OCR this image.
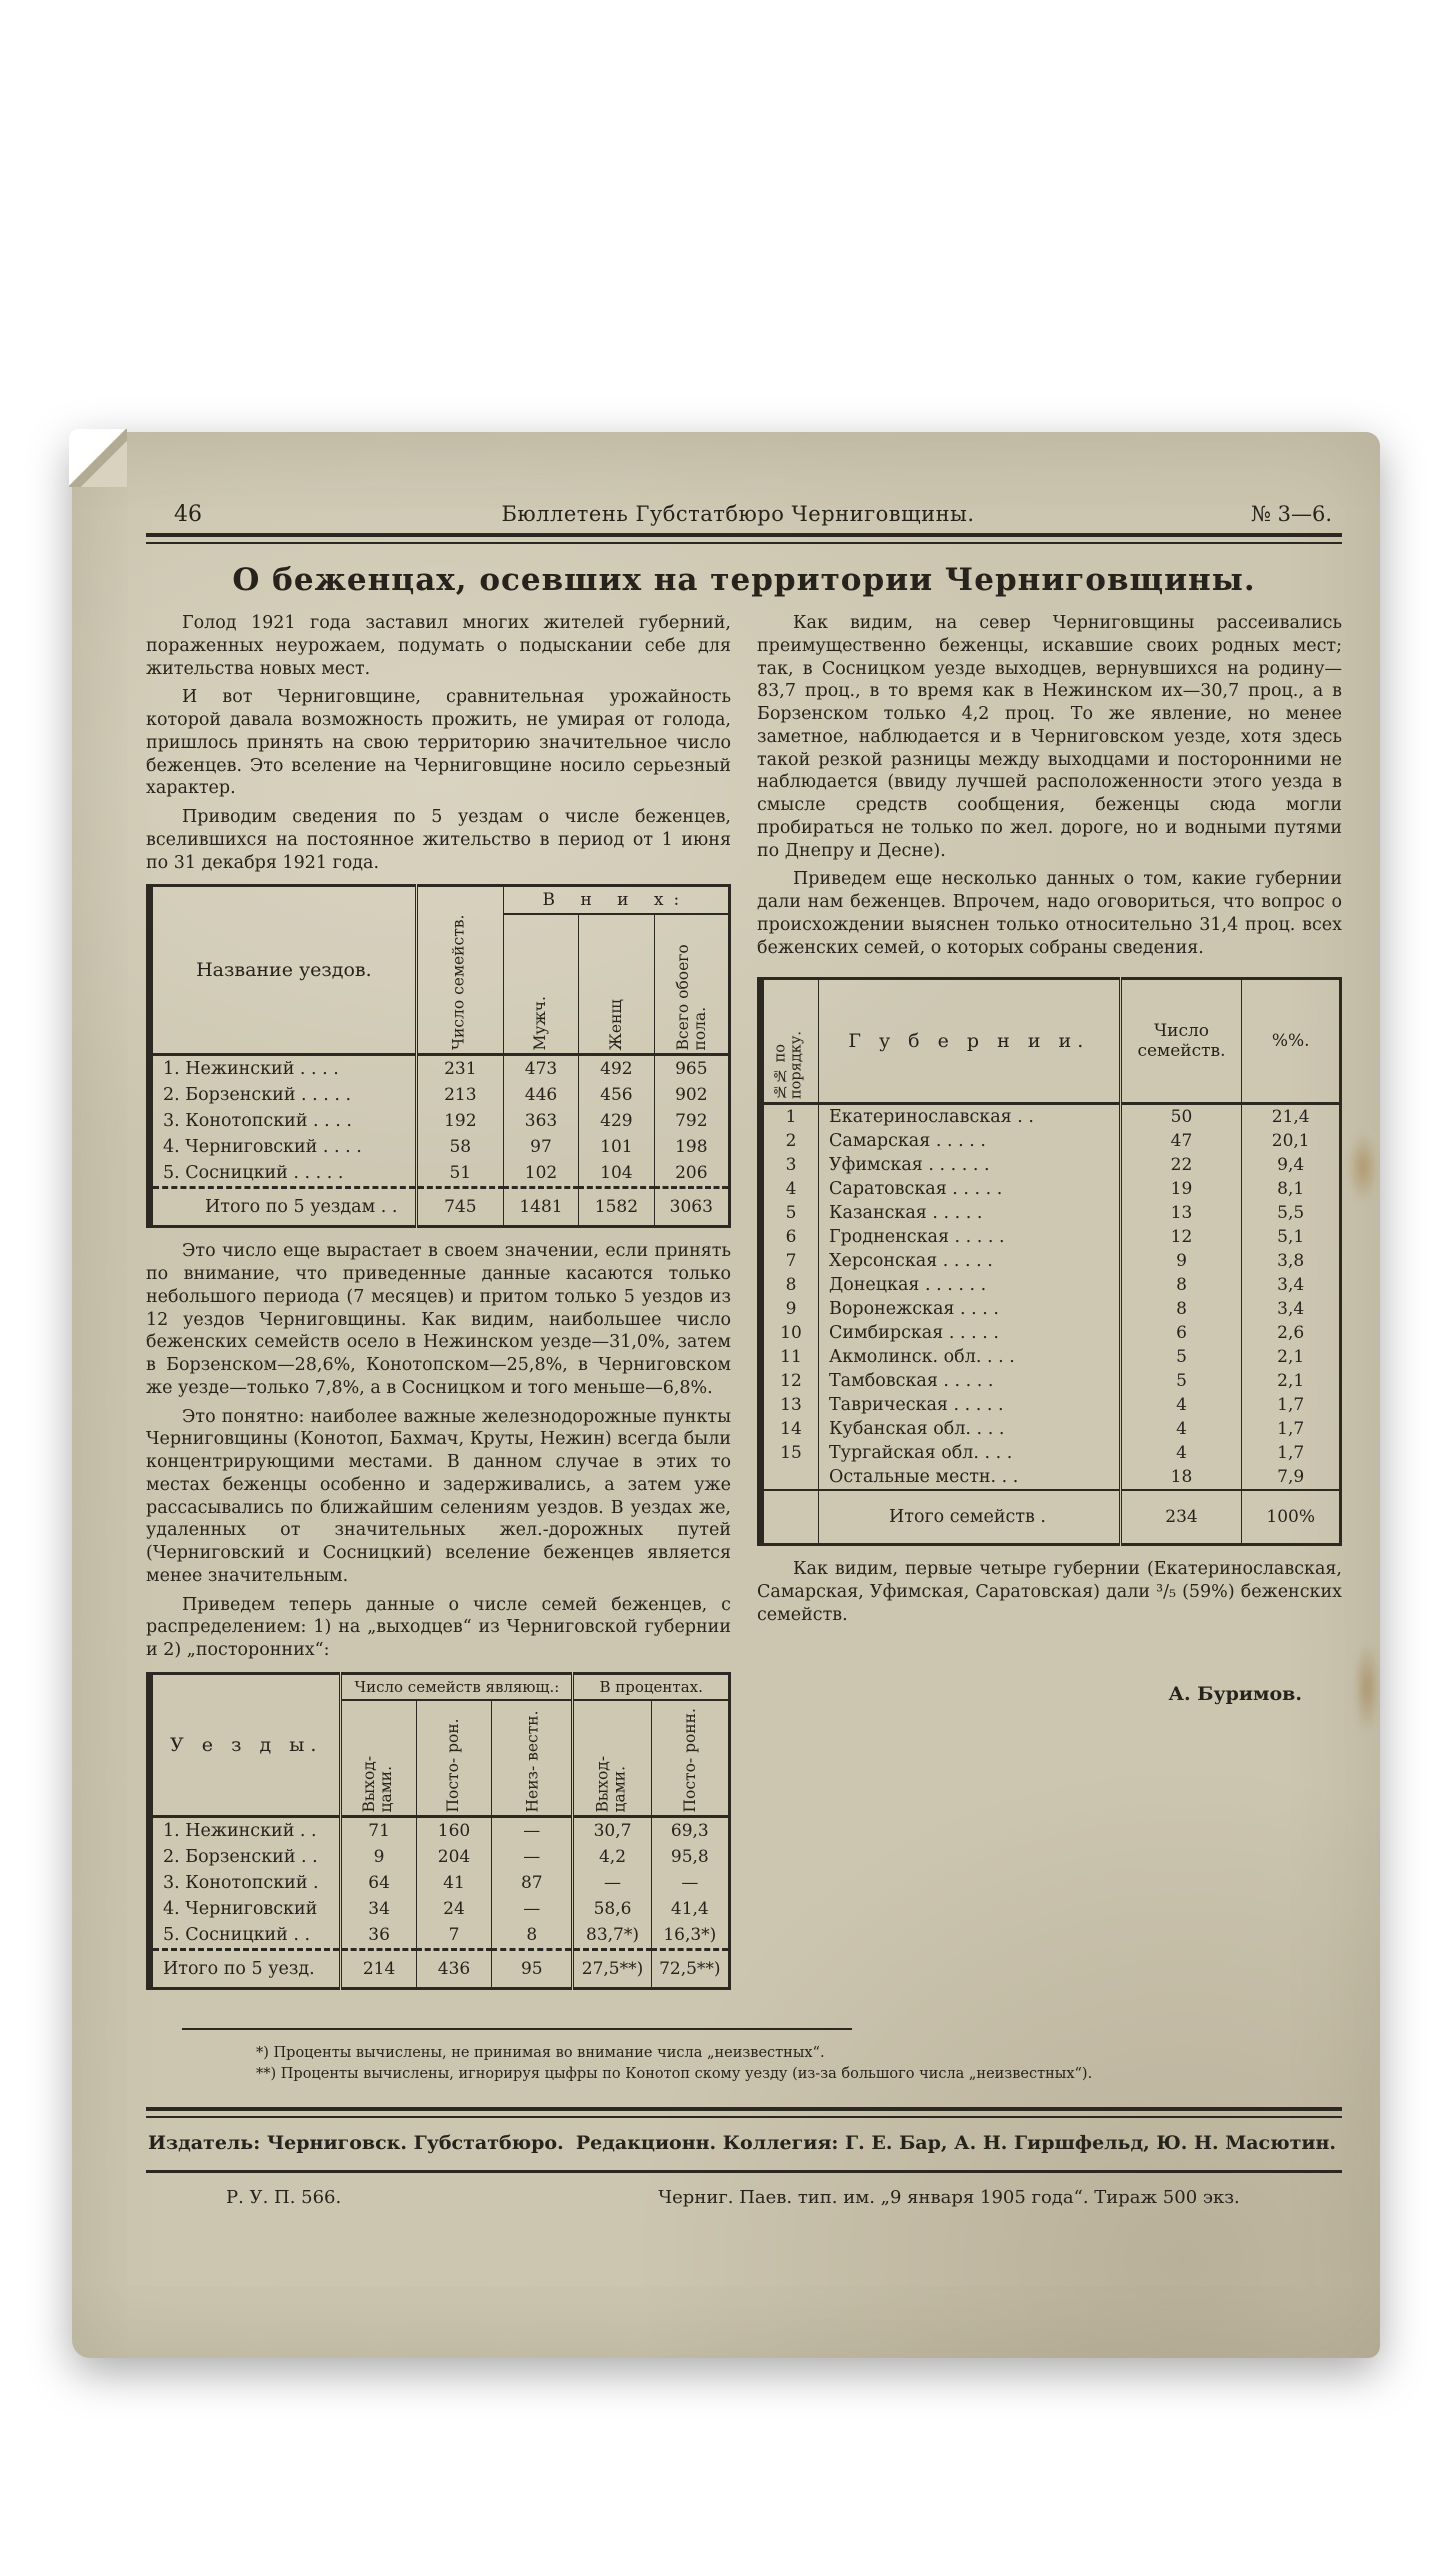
46	Бюллетень Губстатбюро Черниговщины.	№ 3—6.
О беженцах, осевших на территории Черниговщины.

Голод 1921 года заставил многих жителей губерний, пораженных неурожаем, подумать о подыскании себе для жительства новых мест.

И вот Черниговщине, сравнительная урожайность которой давала возможность прожить, не умирая от голода, пришлось принять на свою территорию значительное число беженцев. Это вселение на Черниговщине носило серьезный характер.

Приводим сведения по 5 уездам о числе беженцев, вселившихся на постоянное жительство в период от 1 июня по 31 декабря 1921 года.

Название уездов.	Число семейств.	В н и х:		
		Мужч.	Женщ	Всего обоего пола.
1. Нежинский . . . .	231	473	492	965
2. Борзенский . . . . .	213	446	456	902
3. Конотопский . . . .	192	363	429	792
4. Черниговский . . . .	58	97	101	198
5. Сосницкий . . . . .	51	102	104	206
Итого по 5 уездам . .	745	1481	1582	3063

Это число еще вырастает в своем значении, если принять по внимание, что приведенные данные касаются только небольшого периода (7 месяцев) и притом только 5 уездов из 12 уездов Черниговщины. Как видим, наибольшее число беженских семейств осело в Нежинском уезде—31,0%, затем в Борзенском—28,6%, Конотопском—25,8%, в Черниговском же уезде—только 7,8%, а в Сосницком и того меньше—6,8%.

Это понятно: наиболее важные железнодорожные пункты Черниговщины (Конотоп, Бахмач, Круты, Нежин) всегда были концентрирующими местами. В данном случае в этих то местах беженцы особенно и задерживались, а затем уже рассасывались по ближайшим селениям уездов. В уездах же, удаленных от значительных жел.-дорожных путей (Черниговский и Сосницкий) вселение беженцев является менее значительным.

Приведем теперь данные о числе семей беженцев, с распределением: 1) на „выходцев“ из Черниговской губернии и 2) „посторонних“:

У е з д ы.	Число семейств являющ.:			В процентах.	
	Выход- цами.	Посто- рон.	Неиз- вестн.	Выход- цами.	Посто- ронн.
1. Нежинский . .	71	160	—	30,7	69,3
2. Борзенский . .	9	204	—	4,2	95,8
3. Конотопский .	64	41	87	—	—
4. Черниговский	34	24	—	58,6	41,4
5. Сосницкий . .	36	7	8	83,7*)	16,3*)
Итого по 5 уезд.	214	436	95	27,5**)	72,5**)

Как видим, на север Черниговщины рассеивались преимущественно беженцы, искавшие своих родных мест; так, в Сосницком уезде выходцев, вернувшихся на родину—83,7 проц., в то время как в Нежинском их—30,7 проц., а в Борзенском только 4,2 проц. То же явление, но менее заметное, наблюдается и в Черниговском уезде, хотя здесь такой резкой разницы между выходцами и посторонними не наблюдается (ввиду лучшей расположенности этого уезда в смысле средств сообщения, беженцы сюда могли пробираться не только по жел. дороге, но и водными путями по Днепру и Десне).

Приведем еще несколько данных о том, какие губернии дали нам беженцев. Впрочем, надо оговориться, что вопрос о происхождении выяснен только относительно 31,4 проц. всех беженских семей, о которых собраны сведения.

№№ по порядку.	Г у б е р н и и.	Число семейств.	%%.
1	Екатеринославская . .	50	21,4
2	Самарская . . . . .	47	20,1
3	Уфимская . . . . . .	22	9,4
4	Саратовская . . . . .	19	8,1
5	Казанская . . . . .	13	5,5
6	Гродненская . . . . .	12	5,1
7	Херсонская . . . . .	9	3,8
8	Донецкая . . . . . .	8	3,4
9	Воронежская . . . .	8	3,4
10	Симбирская . . . . .	6	2,6
11	Акмолинск. обл. . . .	5	2,1
12	Тамбовская . . . . .	5	2,1
13	Таврическая . . . . .	4	1,7
14	Кубанская обл. . . .	4	1,7
15	Тургайская обл. . . .	4	1,7
	Остальные местн. . .	18	7,9
	Итого семейств .	234	100%

Как видим, первые четыре губернии (Екатеринославская, Самарская, Уфимская, Саратовская) дали ³/₅ (59%) беженских семейств.

А. Буримов.
*) Проценты вычислены, не принимая во внимание числа „неизвестных“.
**) Проценты вычислены, игнорируя цыфры по Конотоп скому уезду (из-за большого числа „неизвестных“).
Издатель: Черниговск. Губстатбюро. Редакционн. Коллегия: Г. Е. Бар, А. Н. Гиршфельд, Ю. Н. Масютин.
Р. У. П. 566.	Черниг. Паев. тип. им. „9 января 1905 года“. Тираж 500 экз.
